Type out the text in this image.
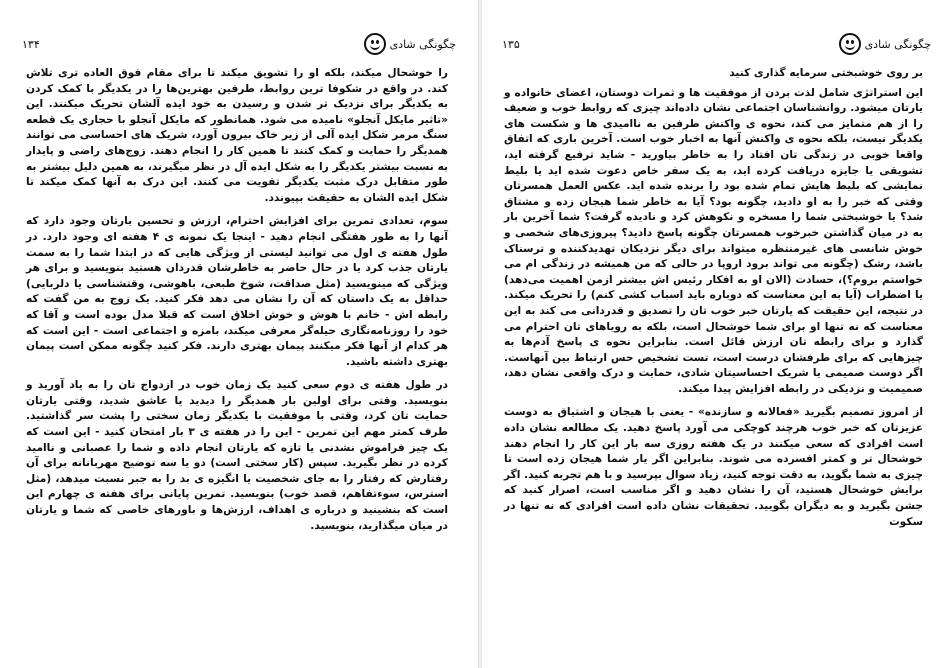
چگونگی شادی
۱۳۴

را خوشحال میکند، بلکه او را تشویق میکند تا برای مقام فوق العاده تری تلاش کند. در واقع در شکوفا ترین روابط، طرفین بهترین‌ها را در یکدیگر با کمک کردن به یکدیگر برای نزدیک تر شدن و رسیدن به خود ایده آلشان تحریک میکنند. این «تاثیر مایکل آنجلو» نامیده می شود. همانطور که مایکل آنجلو با حجاری یک قطعه سنگ مرمر شکل ایده آلی از زیر خاک بیرون آورد، شریک های احساسی می توانند همدیگر را حمایت و کمک کنند تا همین کار را انجام دهند. زوج‌های راضی و پایدار به نسبت بیشتر یکدیگر را به شکل ایده آل در نظر میگیرند، به همین دلیل بیشتر به طور متقابل درک مثبت یکدیگر تقویت می کنند. این درک به آنها کمک میکند تا شکل ایده الشان به حقیقت بپیوندد.

سوم، تعدادی تمرین برای افزایش احترام، ارزش و تحسین یارتان وجود دارد که آنها را به طور هفتگی انجام دهید - اینجا یک نمونه ی ۴ هفته ای وجود دارد. در طول هفته ی اول می توانید لیستی از ویژگی هایی که در ابتدا شما را به سمت یارتان جذب کرد یا در حال حاضر به خاطرشان قدردان هستید بنویسید و برای هر ویژگی که مینویسید (مثل صداقت، شوخ طبعی، باهوشی، وقتشناسی یا دلربایی) حداقل به یک داستان که آن را نشان می دهد فکر کنید. یک زوج به من گفت که رابطه اش - خانم با هوش و خوش اخلاق است که قبلا مدل بوده است و آقا که خود را روزنامه‌نگاری حیله‌گر معرفی میکند، بامزه و اجتماعی است - این است که هر کدام از آنها فکر میکنند پیمان بهتری دارند. فکر کنید چگونه ممکن است پیمان بهتری داشته باشید.

در طول هفته ی دوم سعی کنید یک زمان خوب در ازدواج تان را به یاد آورید و بنویسید. وقتی برای اولین بار همدیگر را دیدید یا عاشق شدید، وقتی یارتان حمایت تان کرد، وقتی با موفقیت با یکدیگر زمان سختی را پشت سر گذاشتید. طرف کمتر مهم این تمرین - این را در هفته ی ۳ بار امتحان کنید - این است که یک چیز فراموش نشدنی یا تازه که یارتان انجام داده و شما را عصبانی و ناامید کرده در نظر بگیرید. سپس (کار سختی است) دو یا سه توضیح مهربانانه برای آن رفتارش که رفتار را به جای شخصیت یا انگیزه ی بد را به جبر نسبت میدهد، (مثل استرس، سوءتفاهم، قصد خوب) بنویسید. تمرین پایانی برای هفته ی چهارم این است که بنشینید و درباره ی اهداف، ارزش‌ها و باورهای خاصی که شما و یارتان در میان میگذارید، بنویسید.

چگونگی شادی
۱۳۵

بر روی خوشبختی سرمایه گذاری کنید

این استراتژی شامل لذت بردن از موفقیت ها و ثمرات دوستان، اعضای خانواده و یارتان میشود. روانشناسان اجتماعی نشان داده‌اند چیزی که روابط خوب و ضعیف را از هم متمایز می کند، نحوه ی واکنش طرفین به ناامیدی ها و شکست های یکدیگر نیست، بلکه نحوه ی واکنش آنها به اخبار خوب است. آخرین باری که اتفاق واقعا خوبی در زندگی تان افتاد را به خاطر بیاورید - شاید ترفیع گرفته اید، تشویقی یا جایزه دریافت کرده اید، به یک سفر خاص دعوت شده اید یا بلیط نمایشی که بلیط هایش تمام شده بود را برنده شده اید. عکس العمل همسرتان وقتی که خبر را به او دادید، چگونه بود؟ آیا به خاطر شما هیجان زده و مشتاق شد؟ یا خوشبختی شما را مسخره و نکوهش کرد و نادیده گرفت؟ شما آخرین بار به در میان گذاشتن خبرخوب همسرتان چگونه پاسخ دادید؟ پیروزی‌های شخصی و خوش شانسی های غیرمنتظره میتواند برای دیگر نزدیکان تهدیدکننده و ترسناک باشد، رشک (چگونه می تواند برود اروپا در حالی که من همیشه در زندگی ام می خواستم بروم؟)، حسادت (الان او به افکار رئیس اش بیشتر ازمن اهمیت می‌دهد) یا اضطراب (آیا به این معناست که دوباره باید اسباب کشی کنم) را تحریک میکند. در نتیجه، این حقیقت که یارتان خبر خوب تان را تصدیق و قدردانی می کند به این معناست که نه تنها او برای شما خوشحال است، بلکه به رویاهای تان احترام می گذارد و برای رابطه تان ارزش قائل است. بنابراین نحوه ی پاسخ آدم‌ها به چیزهایی که برای طرفشان درست است، تست تشخیص حس ارتباط بین آنهاست. اگر دوست صمیمی یا شریک احساسیتان شادی، حمایت و درک واقعی نشان دهد، صمیمیت و نزدیکی در رابطه افزایش پیدا میکند.

از امروز تصمیم بگیرید «فعالانه و سازنده» - یعنی با هیجان و اشتیاق به دوست عزیزتان که خبر خوب هرچند کوچکی می آورد پاسخ دهید. یک مطالعه نشان داده است افرادی که سعی میکنند در یک هفته روزی سه بار این کار را انجام دهند خوشحال تر و کمتر افسرده می شوند. بنابراین اگر یار شما هیجان زده است تا چیزی به شما بگوید، به دقت توجه کنید، زیاد سوال بپرسید و با هم تجربه کنید. اگر برایش خوشحال هستید، آن را نشان دهید و اگر مناسب است، اصرار کنید که جشن بگیرید و به دیگران بگویید. تحقیقات نشان داده است افرادی که نه تنها در سکوت
